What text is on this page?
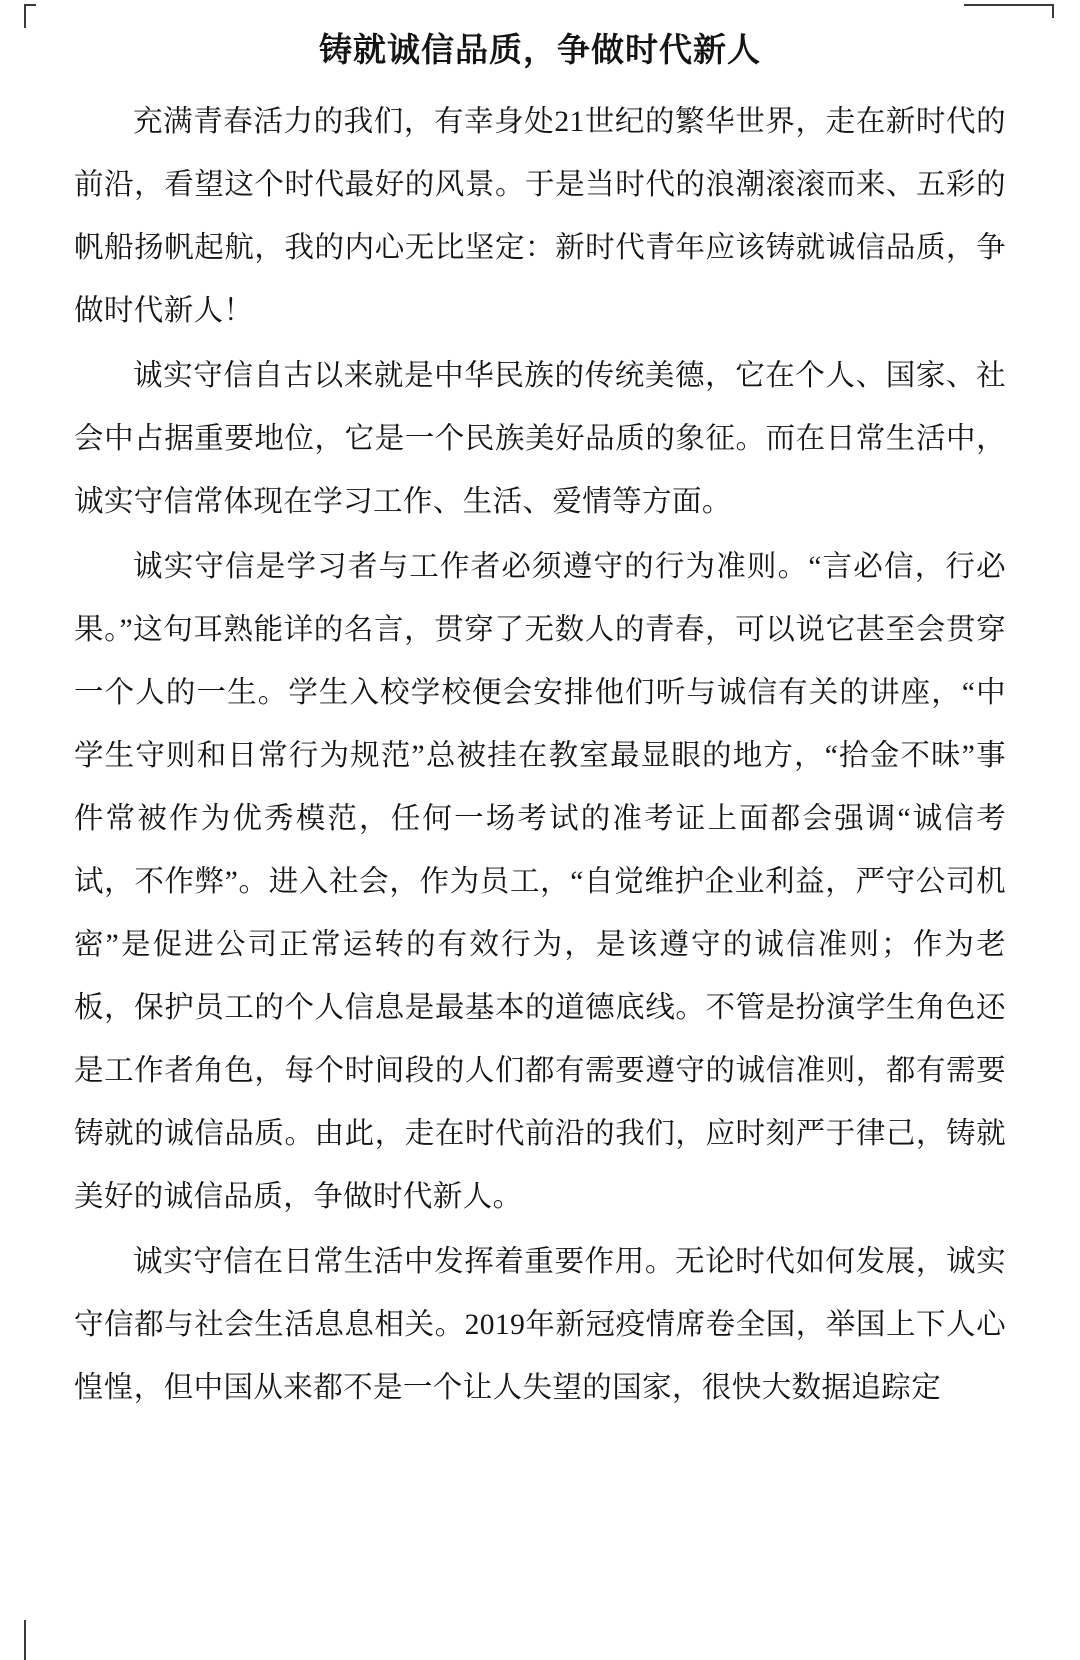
铸就诚信品质，争做时代新人

充满青春活力的我们，有幸身处21世纪的繁华世界，走在新时代的前沿，看望这个时代最好的风景。于是当时代的浪潮滚滚而来、五彩的帆船扬帆起航，我的内心无比坚定：新时代青年应该铸就诚信品质，争做时代新人！

诚实守信自古以来就是中华民族的传统美德，它在个人、国家、社会中占据重要地位，它是一个民族美好品质的象征。而在日常生活中，诚实守信常体现在学习工作、生活、爱情等方面。

诚实守信是学习者与工作者必须遵守的行为准则。“言必信，行必果。”这句耳熟能详的名言，贯穿了无数人的青春，可以说它甚至会贯穿一个人的一生。学生入校学校便会安排他们听与诚信有关的讲座，“中学生守则和日常行为规范”总被挂在教室最显眼的地方，“拾金不昧”事件常被作为优秀模范，任何一场考试的准考证上面都会强调“诚信考试，不作弊”。进入社会，作为员工，“自觉维护企业利益，严守公司机密”是促进公司正常运转的有效行为，是该遵守的诚信准则；作为老板，保护员工的个人信息是最基本的道德底线。不管是扮演学生角色还是工作者角色，每个时间段的人们都有需要遵守的诚信准则，都有需要铸就的诚信品质。由此，走在时代前沿的我们，应时刻严于律己，铸就美好的诚信品质，争做时代新人。

诚实守信在日常生活中发挥着重要作用。无论时代如何发展，诚实守信都与社会生活息息相关。2019年新冠疫情席卷全国，举国上下人心惶惶，但中国从来都不是一个让人失望的国家，很快大数据追踪定
